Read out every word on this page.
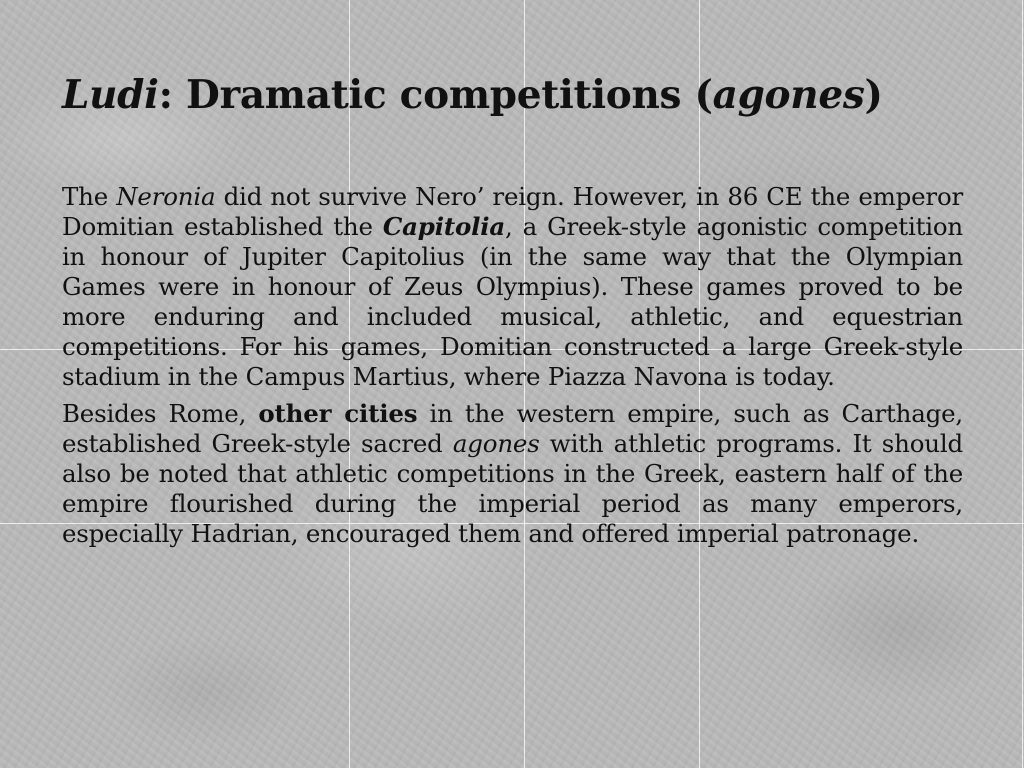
Ludi: Dramatic competitions (agones)

The Neronia did not survive Nero’ reign. However, in 86 CE the emperor Domitian established the Capitolia, a Greek-style agonistic competition in honour of Jupiter Capitolius (in the same way that the Olympian Games were in honour of Zeus Olympius). These games proved to be more enduring and included musical, athletic, and equestrian competitions. For his games, Domitian constructed a large Greek-style stadium in the Campus Martius, where Piazza Navona is today.

Besides Rome, other cities in the western empire, such as Carthage, established Greek-style sacred agones with athletic programs. It should also be noted that athletic competitions in the Greek, eastern half of the empire flourished during the imperial period as many emperors, especially Hadrian, encouraged them and offered imperial patronage.
